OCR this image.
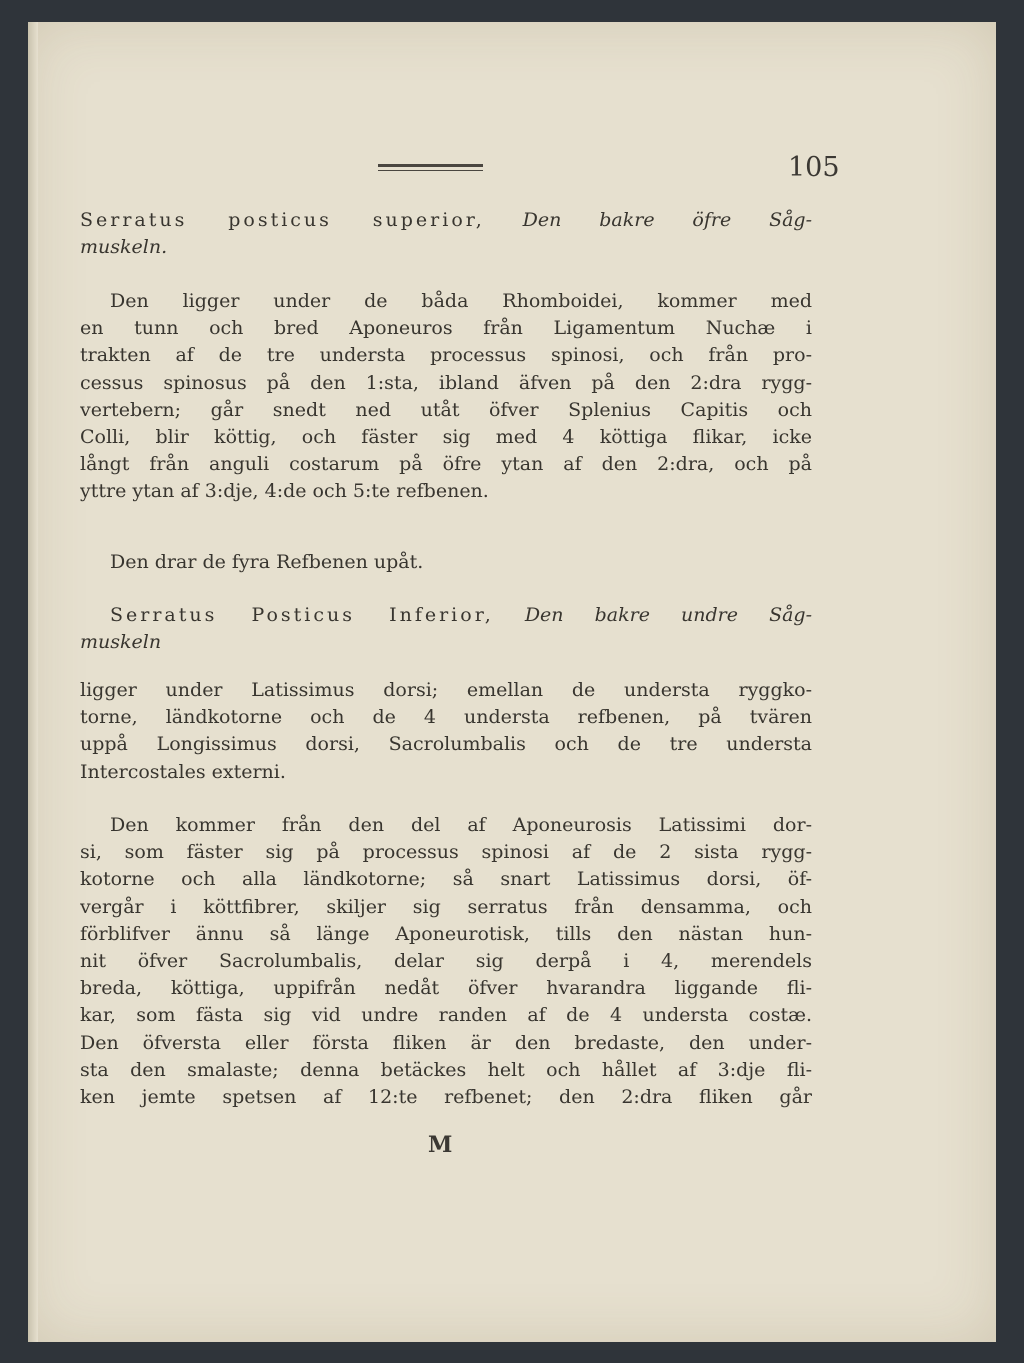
105
Serratus posticus superior, Den bakre öfre Såg-
muskeln.
Den ligger under de båda Rhomboidei, kommer med
en tunn och bred Aponeuros från Ligamentum Nuchæ i
trakten af de tre understa processus spinosi, och från pro-
cessus spinosus på den 1:sta, ibland äfven på den 2:dra rygg-
vertebern; går snedt ned utåt öfver Splenius Capitis och
Colli, blir köttig, och fäster sig med 4 köttiga flikar, icke
långt från anguli costarum på öfre ytan af den 2:dra, och på
yttre ytan af 3:dje, 4:de och 5:te refbenen.
Den drar de fyra Refbenen upåt.
Serratus Posticus Inferior, Den bakre undre Såg-
muskeln
ligger under Latissimus dorsi; emellan de understa ryggko-
torne, ländkotorne och de 4 understa refbenen, på tvären
uppå Longissimus dorsi, Sacrolumbalis och de tre understa
Intercostales externi.
Den kommer från den del af Aponeurosis Latissimi dor-
si, som fäster sig på processus spinosi af de 2 sista rygg-
kotorne och alla ländkotorne; så snart Latissimus dorsi, öf-
vergår i köttfibrer, skiljer sig serratus från densamma, och
förblifver ännu så länge Aponeurotisk, tills den nästan hun-
nit öfver Sacrolumbalis, delar sig derpå i 4, merendels
breda, köttiga, uppifrån nedåt öfver hvarandra liggande fli-
kar, som fästa sig vid undre randen af de 4 understa costæ.
Den öfversta eller första fliken är den bredaste, den under-
sta den smalaste; denna betäckes helt och hållet af 3:dje fli-
ken jemte spetsen af 12:te refbenet; den 2:dra fliken går
M
